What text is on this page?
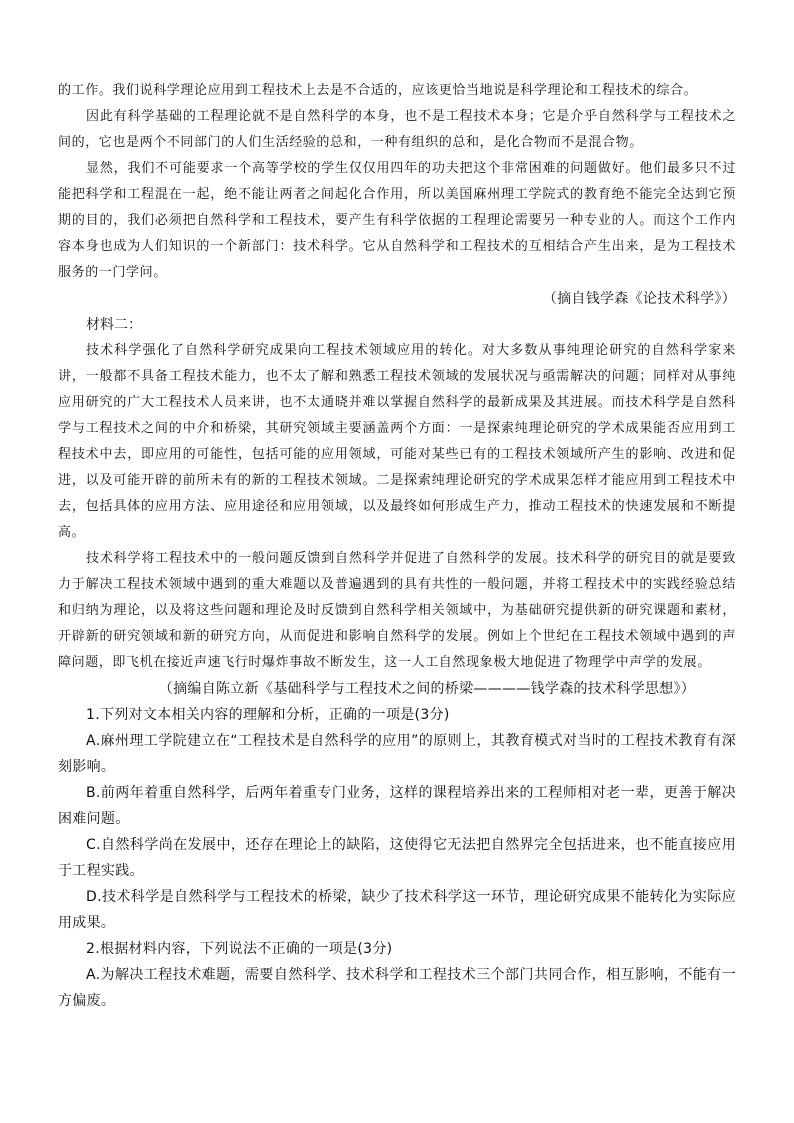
的工作。我们说科学理论应用到工程技术上去是不合适的，应该更恰当地说是科学理论和工程技术的综合。

因此有科学基础的工程理论就不是自然科学的本身，也不是工程技术本身；它是介乎自然科学与工程技术之间的，它也是两个不同部门的人们生活经验的总和，一种有组织的总和，是化合物而不是混合物。

显然，我们不可能要求一个高等学校的学生仅仅用四年的功夫把这个非常困难的问题做好。他们最多只不过能把科学和工程混在一起，绝不能让两者之间起化合作用，所以美国麻州理工学院式的教育绝不能完全达到它预期的目的，我们必须把自然科学和工程技术，要产生有科学依据的工程理论需要另一种专业的人。而这个工作内容本身也成为人们知识的一个新部门：技术科学。它从自然科学和工程技术的互相结合产生出来，是为工程技术服务的一门学问。

（摘自钱学森《论技术科学》）

材料二：

技术科学强化了自然科学研究成果向工程技术领域应用的转化。对大多数从事纯理论研究的自然科学家来讲，一般都不具备工程技术能力，也不太了解和熟悉工程技术领域的发展状况与亟需解决的问题；同样对从事纯应用研究的广大工程技术人员来讲，也不太通晓并难以掌握自然科学的最新成果及其进展。而技术科学是自然科学与工程技术之间的中介和桥梁，其研究领域主要涵盖两个方面：一是探索纯理论研究的学术成果能否应用到工程技术中去，即应用的可能性，包括可能的应用领域，可能对某些已有的工程技术领域所产生的影响、改进和促进，以及可能开辟的前所未有的新的工程技术领域。二是探索纯理论研究的学术成果怎样才能应用到工程技术中去，包括具体的应用方法、应用途径和应用领域，以及最终如何形成生产力，推动工程技术的快速发展和不断提高。

技术科学将工程技术中的一般问题反馈到自然科学并促进了自然科学的发展。技术科学的研究目的就是要致力于解决工程技术领域中遇到的重大难题以及普遍遇到的具有共性的一般问题，并将工程技术中的实践经验总结和归纳为理论，以及将这些问题和理论及时反馈到自然科学相关领域中，为基础研究提供新的研究课题和素材，开辟新的研究领域和新的研究方向，从而促进和影响自然科学的发展。例如上个世纪在工程技术领域中遇到的声障问题，即飞机在接近声速飞行时爆炸事故不断发生，这一人工自然现象极大地促进了物理学中声学的发展。

（摘编自陈立新《基础科学与工程技术之间的桥梁————钱学森的技术科学思想》）

1.下列对文本相关内容的理解和分析，正确的一项是(3分)

A.麻州理工学院建立在“工程技术是自然科学的应用”的原则上，其教育模式对当时的工程技术教育有深刻影响。

B.前两年着重自然科学，后两年着重专门业务，这样的课程培养出来的工程师相对老一辈，更善于解决困难问题。

C.自然科学尚在发展中，还存在理论上的缺陷，这使得它无法把自然界完全包括进来，也不能直接应用于工程实践。

D.技术科学是自然科学与工程技术的桥梁，缺少了技术科学这一环节，理论研究成果不能转化为实际应用成果。

2.根据材料内容，下列说法不正确的一项是(3分)

A.为解决工程技术难题，需要自然科学、技术科学和工程技术三个部门共同合作，相互影响，不能有一方偏废。
